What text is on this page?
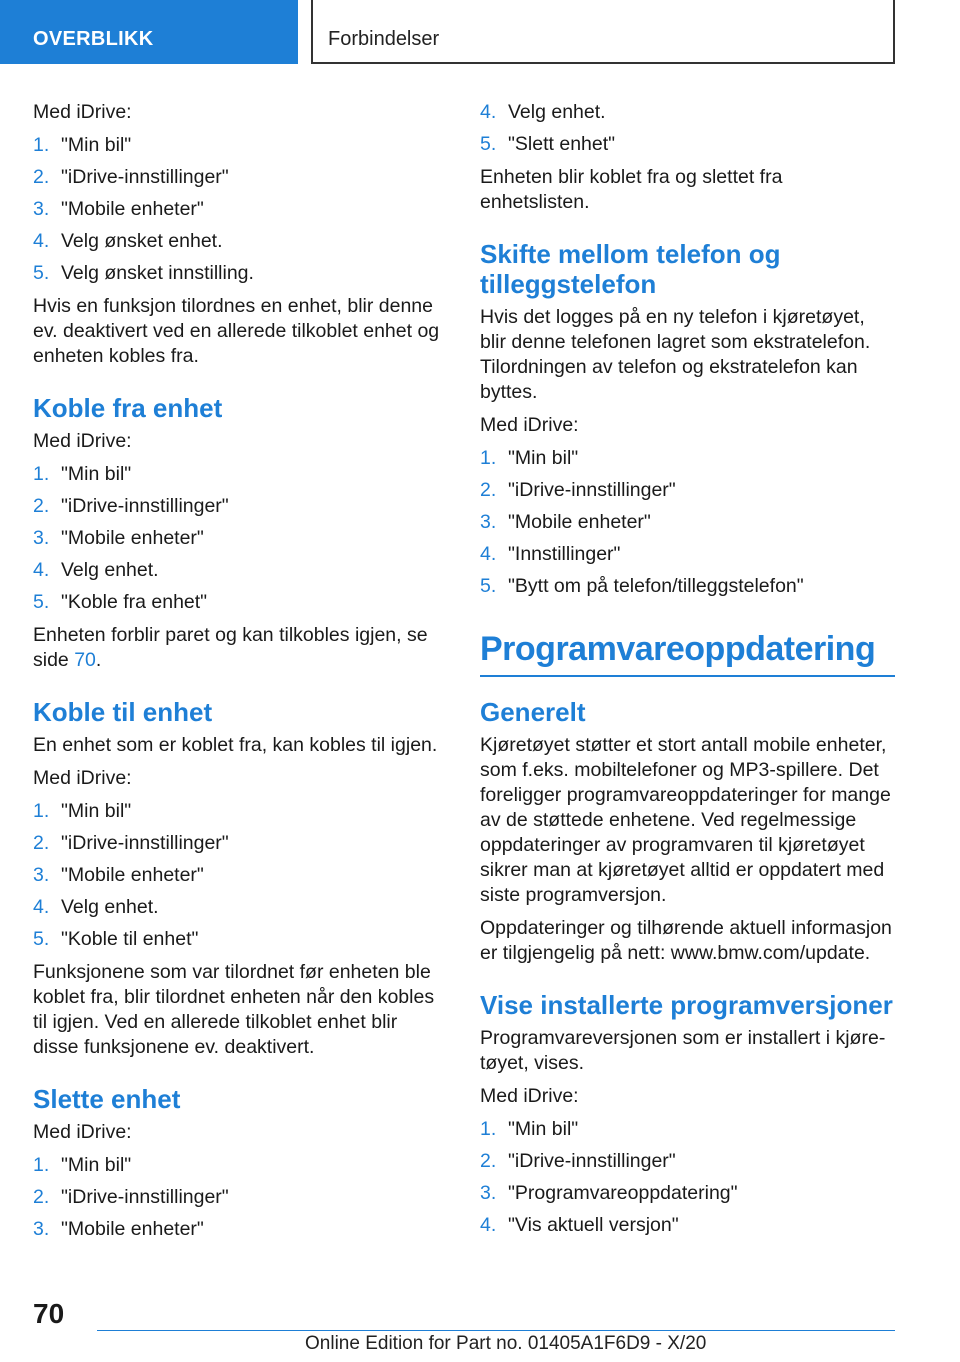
OVERBLIKK	Forbindelser

Med iDrive:

1. "Min bil"
2. "iDrive-innstillinger"
3. "Mobile enheter"
4. Velg ønsket enhet.
5. Velg ønsket innstilling.

Hvis en funksjon tilordnes en enhet, blir denne ev. deaktivert ved en allerede tilkoblet enhet og enheten kobles fra.

Koble fra enhet

Med iDrive:

1. "Min bil"
2. "iDrive-innstillinger"
3. "Mobile enheter"
4. Velg enhet.
5. "Koble fra enhet"

Enheten forblir paret og kan tilkobles igjen, se side 70.

Koble til enhet

En enhet som er koblet fra, kan kobles til igjen.

Med iDrive:

1. "Min bil"
2. "iDrive-innstillinger"
3. "Mobile enheter"
4. Velg enhet.
5. "Koble til enhet"

Funksjonene som var tilordnet før enheten ble koblet fra, blir tilordnet enheten når den kobles til igjen. Ved en allerede tilkoblet enhet blir disse funksjonene ev. deaktivert.

Slette enhet

Med iDrive:

1. "Min bil"
2. "iDrive-innstillinger"
3. "Mobile enheter"
4. Velg enhet.
5. "Slett enhet"

Enheten blir koblet fra og slettet fra enhetslisten.

Skifte mellom telefon og tilleggstelefon

Hvis det logges på en ny telefon i kjøretøyet, blir denne telefonen lagret som ekstratelefon. Tilordningen av telefon og ekstratelefon kan byttes.

Med iDrive:

1. "Min bil"
2. "iDrive-innstillinger"
3. "Mobile enheter"
4. "Innstillinger"
5. "Bytt om på telefon/tilleggstelefon"
Programvareoppdatering
Generelt

Kjøretøyet støtter et stort antall mobile enheter, som f.eks. mobiltelefoner og MP3-spillere. Det foreligger programvareoppdateringer for mange av de støttede enhetene. Ved regelmessige oppdateringer av programvaren til kjøretøyet sikrer man at kjøretøyet alltid er oppdatert med siste programversjon.

Oppdateringer og tilhørende aktuell informasjon er tilgjengelig på nett: www.bmw.com/update.

Vise installerte programversjoner

Programvareversjonen som er installert i kjøretøyet, vises.

Med iDrive:

1. "Min bil"
2. "iDrive-innstillinger"
3. "Programvareoppdatering"
4. "Vis aktuell versjon"
70
Online Edition for Part no. 01405A1F6D9 - X/20
